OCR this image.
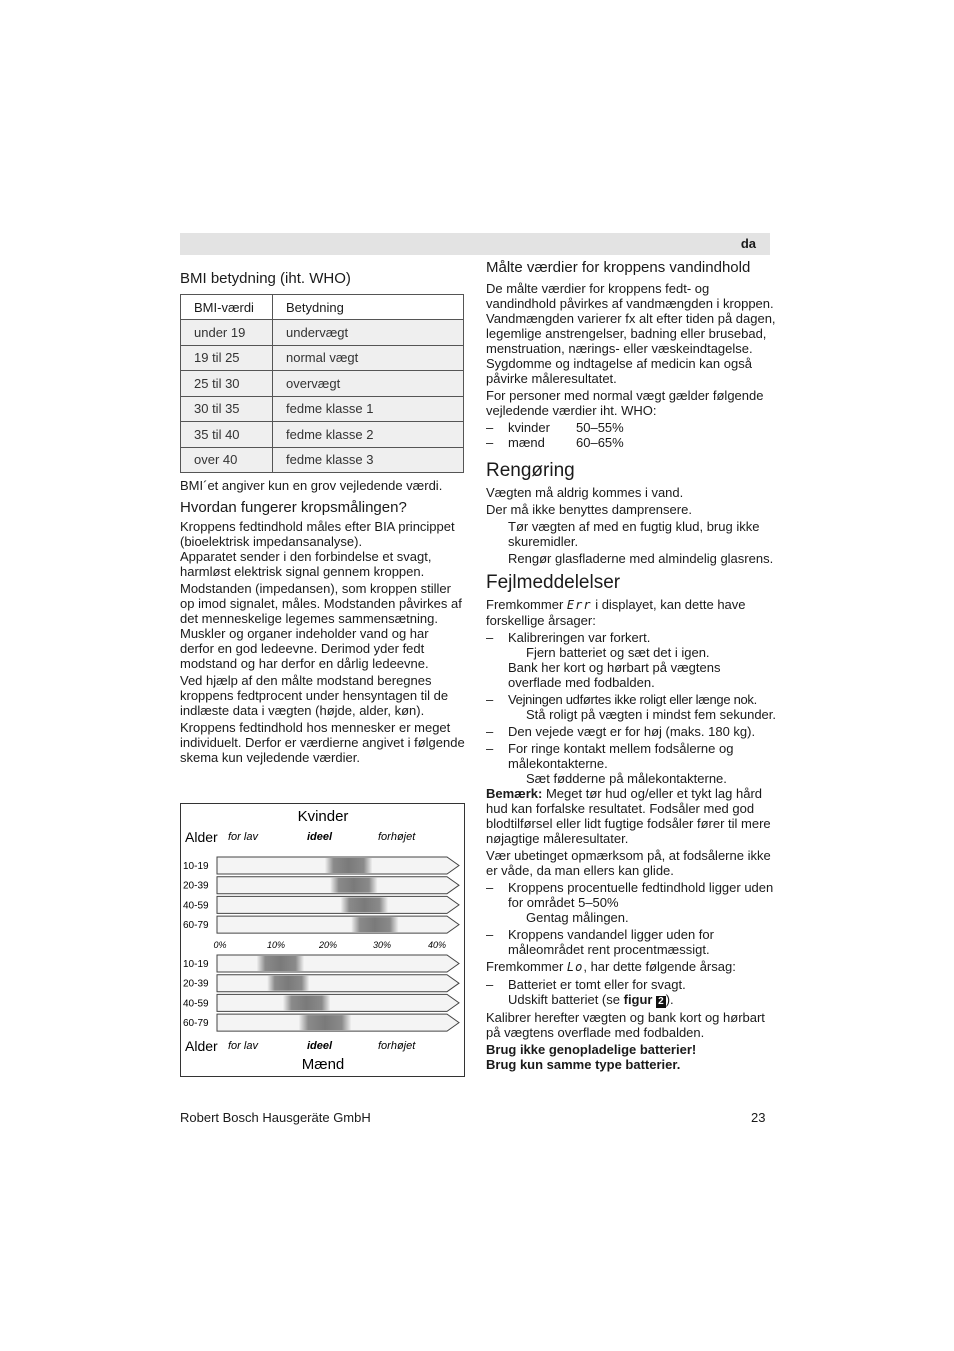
da
BMI betydning (iht. WHO)
BMI-værdi	Betydning
under 19	undervægt
19 til 25	normal vægt
25 til 30	overvægt
30 til 35	fedme klasse 1
35 til 40	fedme klasse 2
over 40	fedme klasse 3

BMI´et angiver kun en grov vejledende værdi.

Hvordan fungerer kropsmålingen?

Kroppens fedtindhold måles efter BIA princippet (bioelektrisk impedansanalyse).

Apparatet sender i den forbindelse et svagt, harmløst elektrisk signal gennem kroppen.

Modstanden (impedansen), som kroppen stiller op imod signalet, måles. Modstanden påvirkes af det menneskelige legemes sammensætning. Muskler og organer indeholder vand og har derfor en god ledeevne. Derimod yder fedt modstand og har derfor en dårlig ledeevne.

Ved hjælp af den målte modstand beregnes kroppens fedtprocent under hensyntagen til de indlæste data i vægten (højde, alder, køn).

Kroppens fedtindhold hos mennesker er meget individuelt. Derfor er værdierne angivet i følgende skema kun vejledende værdier.

Kvinder
Alder for lav	ideel	forhøjet
10-19
20-39
40-59
60-79
0%	10%	20%	30%	40%
10-19
20-39
40-59
60-79
Alder for lav	ideel	forhøjet
Mænd
Målte værdier for kroppens vandindhold

De målte værdier for kroppens fedt- og vandindhold påvirkes af vandmængden i kroppen. Vandmængden varierer fx alt efter tiden på dagen, legemlige anstrengelser, badning eller brusebad, menstruation, nærings- eller væskeindtagelse. Sygdomme og indtagelse af medicin kan også påvirke måleresultatet.

For personer med normal vægt gælder følgende vejledende værdier iht. WHO:

– kvinder 50–55%
– mænd 60–65%
Rengøring

Vægten må aldrig kommes i vand.

Der må ikke benyttes damprensere.

Tør vægten af med en fugtig klud, brug ikke skuremidler.

Rengør glasfladerne med almindelig glasrens.

Fejlmeddelelser

Fremkommer Err i displayet, kan dette have forskellige årsager:

– Kalibreringen var forkert.
Fjern batteriet og sæt det i igen.
Bank her kort og hørbart på vægtens overflade med fodbalden.
– Vejningen udførtes ikke roligt eller længe nok.
Stå roligt på vægten i mindst fem sekunder.
– Den vejede vægt er for høj (maks. 180 kg).
– For ringe kontakt mellem fodsålerne og målekontakterne.
Sæt fødderne på målekontakterne.

Bemærk: Meget tør hud og/eller et tykt lag hård hud kan forfalske resultatet. Fodsåler med god blodtilførsel eller lidt fugtige fodsåler fører til mere nøjagtige måleresultater.

Vær ubetinget opmærksom på, at fodsålerne ikke er våde, da man ellers kan glide.

– Kroppens procentuelle fedtindhold ligger uden for området 5–50%
Gentag målingen.
– Kroppens vandandel ligger uden for måleområdet rent procentmæssigt.

Fremkommer Lo, har dette følgende årsag:

– Batteriet er tomt eller for svagt.
Udskift batteriet (se figur 2 ).

Kalibrer herefter vægten og bank kort og hørbart på vægtens overflade med fodbalden.

Brug ikke genopladelige batterier!

Brug kun samme type batterier.

Robert Bosch Hausgeräte GmbH	23
